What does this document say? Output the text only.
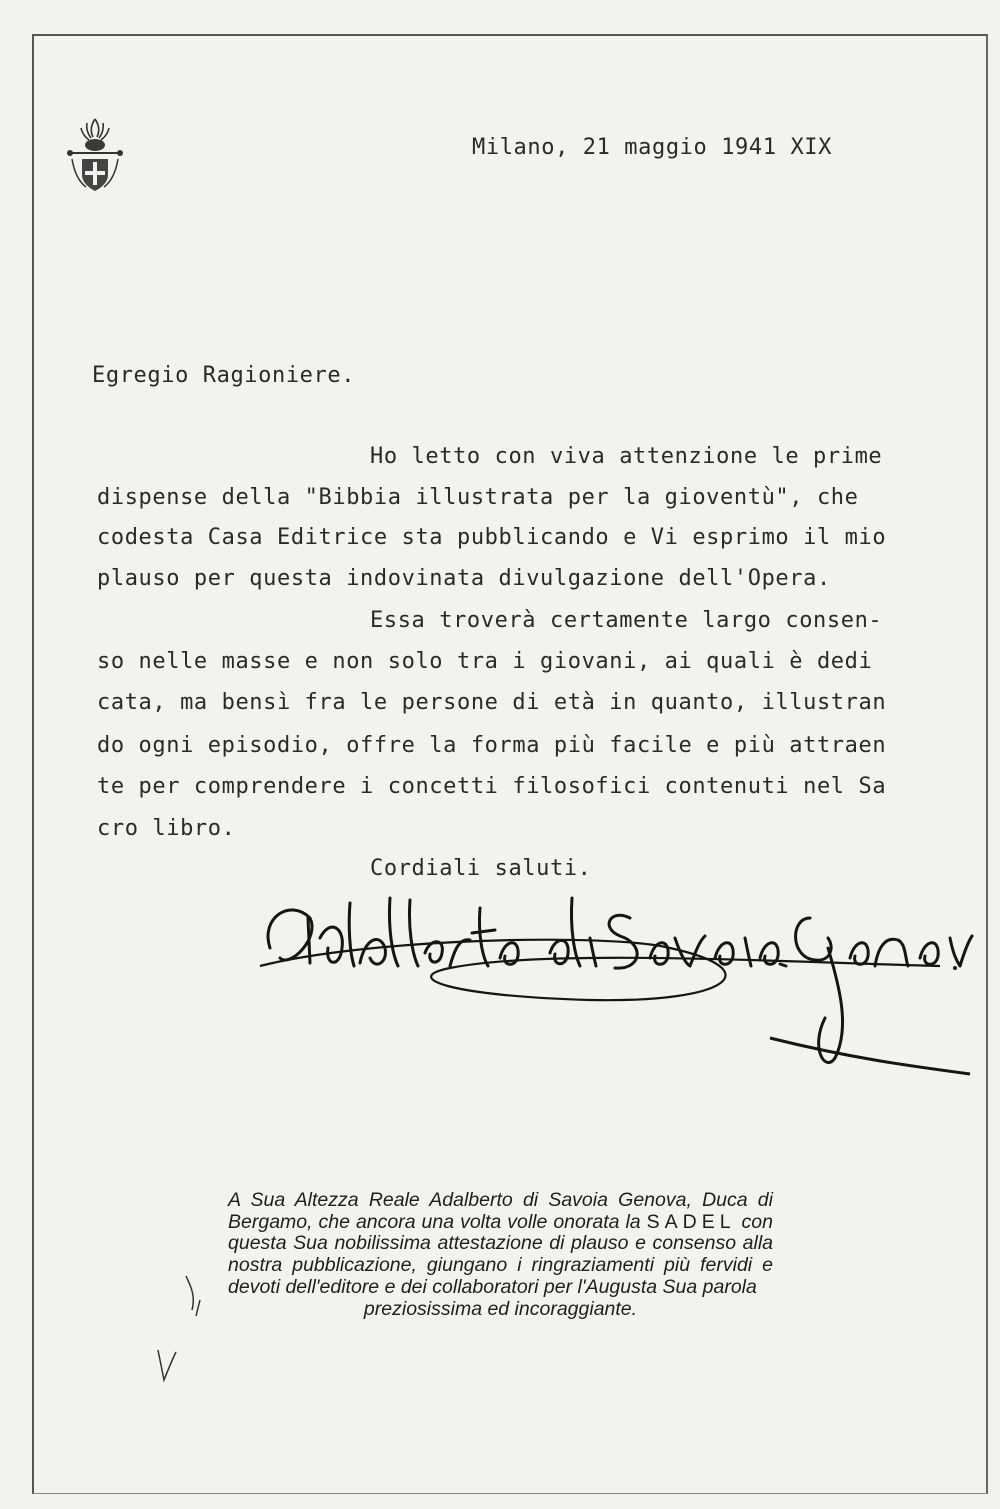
Milano, 21 maggio 1941 XIX
Egregio Ragioniere.
Ho letto con viva attenzione le prime
dispense della "Bibbia illustrata per la gioventù", che
codesta Casa Editrice sta pubblicando e Vi esprimo il mio
plauso per questa indovinata divulgazione dell'Opera.
Essa troverà certamente largo consen-
so nelle masse e non solo tra i giovani, ai quali è dedi
cata, ma bensì fra le persone di età in quanto, illustran
do ogni episodio, offre la forma più facile e più attraen
te per comprendere i concetti filosofici contenuti nel Sa
cro libro.
Cordiali saluti.
A Sua Altezza Reale Adalberto di Savoia Genova, Duca di Bergamo, che ancora una volta volle onorata la SADEL con questa Sua nobilissima attestazione di plauso e consenso alla nostra pubblicazione, giungano i ringraziamenti più fervidi e devoti dell'editore e dei collaboratori per l'Augusta Sua parola
preziosissima ed incoraggiante.
